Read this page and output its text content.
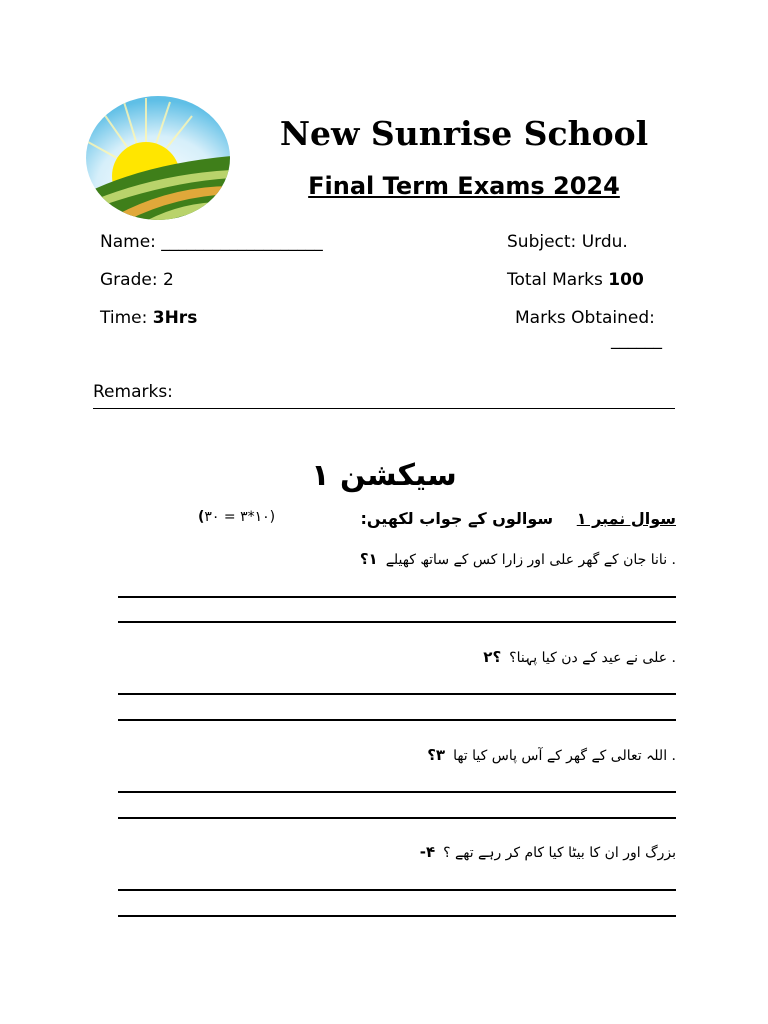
New Sunrise School
Final Term Exams 2024
Name: ___________________	Subject: Urdu.
Grade: 2	Total Marks 100
Time: 3Hrs	Marks Obtained:
______
Remarks:
سیکشن ١
سوال نمبر ١ سوالوں کے جواب لکھیں:
(	١٠*٣ = ٣٠)
. نانا جان کے گھر علی اور زارا کس کے ساتھ کھیلے١؟
. علی نے عید کے دن کیا پہنا؟؟٢
. اللہ تعالی کے گھر کے آس پاس کیا تھا٣؟
بزرگ اور ان کا بیٹا کیا کام کر رہے تھے ؟۴-
